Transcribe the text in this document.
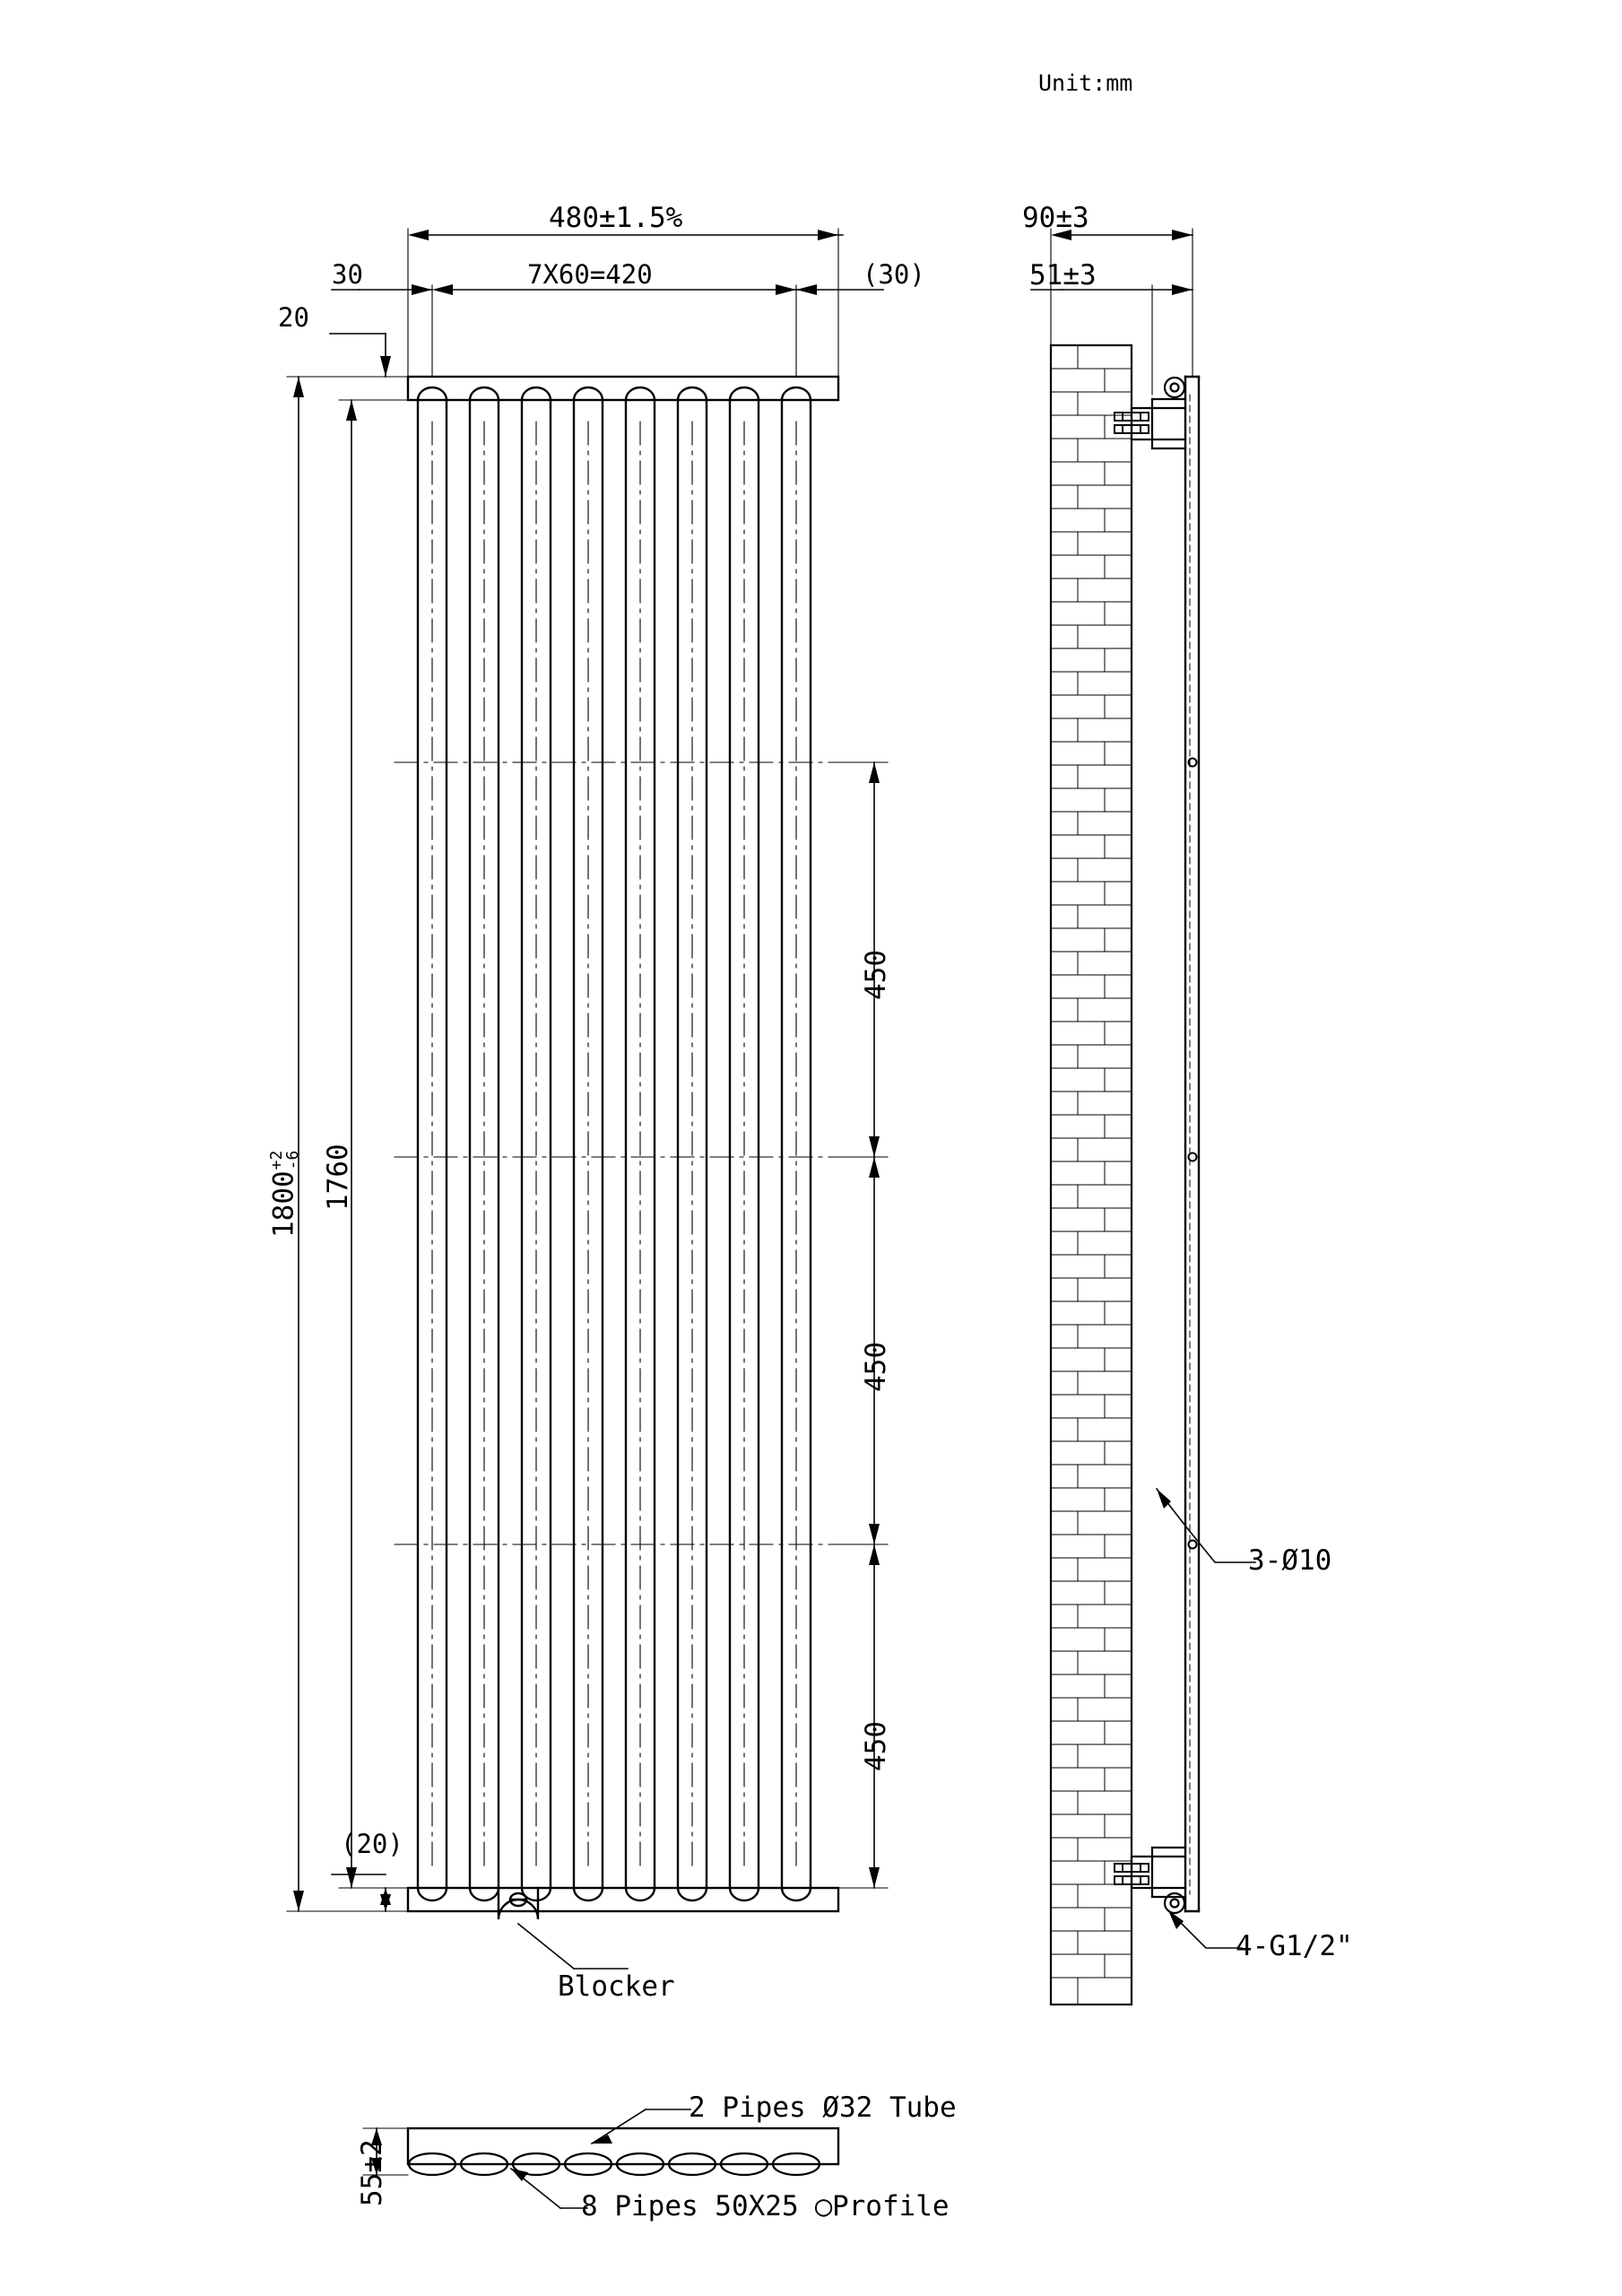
Unit:mm
480±1.5%
7X60=420
30	(30)
20
(20)
1800
+2
-6 1760
450
450
450
Blocker
90±3
51±3
3-Ø10
4-G1/2"
55±2
2 Pipes Ø32 Tube
8 Pipes 50X25 ◯Profile
